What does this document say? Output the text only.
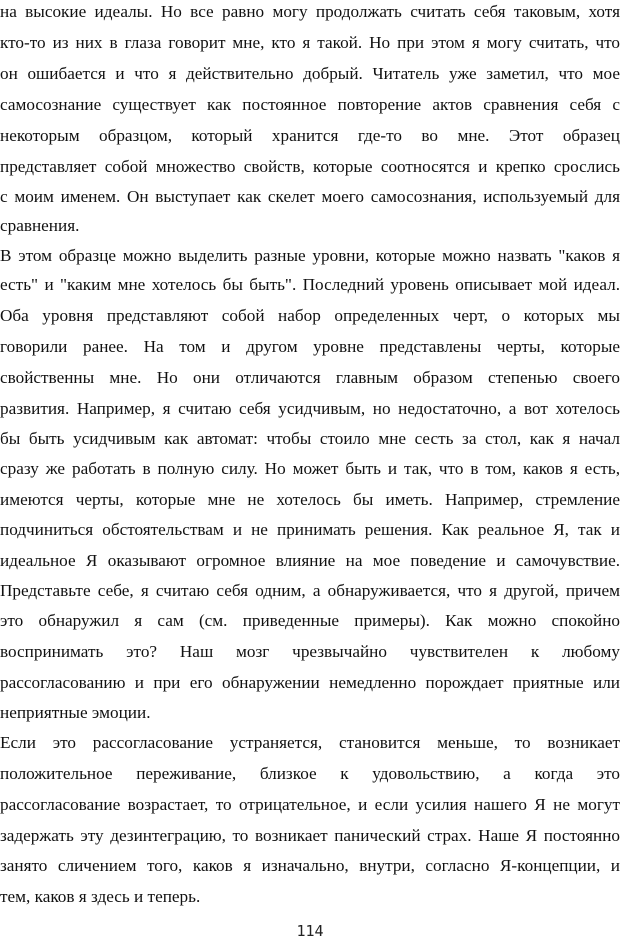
на высокие идеалы. Но все равно могу продолжать считать себя таковым, хотя
кто-то из них в глаза говорит мне, кто я такой. Но при этом я могу считать, что
он ошибается и что я действительно добрый. Читатель уже заметил, что мое
самосознание существует как постоянное повторение актов сравнения себя с
некоторым образцом, который хранится где-то во мне. Этот образец
представляет собой множество свойств, которые соотносятся и крепко срослись
с моим именем. Он выступает как скелет моего самосознания, используемый для
сравнения.
В этом образце можно выделить разные уровни, которые можно назвать "каков я
есть" и "каким мне хотелось бы быть". Последний уровень описывает мой идеал.
Оба уровня представляют собой набор определенных черт, о которых мы
говорили ранее. На том и другом уровне представлены черты, которые
свойственны мне. Но они отличаются главным образом степенью своего
развития. Например, я считаю себя усидчивым, но недостаточно, а вот хотелось
бы быть усидчивым как автомат: чтобы стоило мне сесть за стол, как я начал
сразу же работать в полную силу. Но может быть и так, что в том, каков я есть,
имеются черты, которые мне не хотелось бы иметь. Например, стремление
подчиниться обстоятельствам и не принимать решения. Как реальное Я, так и
идеальное Я оказывают огромное влияние на мое поведение и самочувствие.
Представьте себе, я считаю себя одним, а обнаруживается, что я другой, причем
это обнаружил я сам (см. приведенные примеры). Как можно спокойно
воспринимать это? Наш мозг чрезвычайно чувствителен к любому
рассогласованию и при его обнаружении немедленно порождает приятные или
неприятные эмоции.
Если это рассогласование устраняется, становится меньше, то возникает
положительное переживание, близкое к удовольствию, а когда это
рассогласование возрастает, то отрицательное, и если усилия нашего Я не могут
задержать эту дезинтеграцию, то возникает панический страх. Наше Я постоянно
занято сличением того, каков я изначально, внутри, согласно Я-концепции, и
тем, каков я здесь и теперь.
114
